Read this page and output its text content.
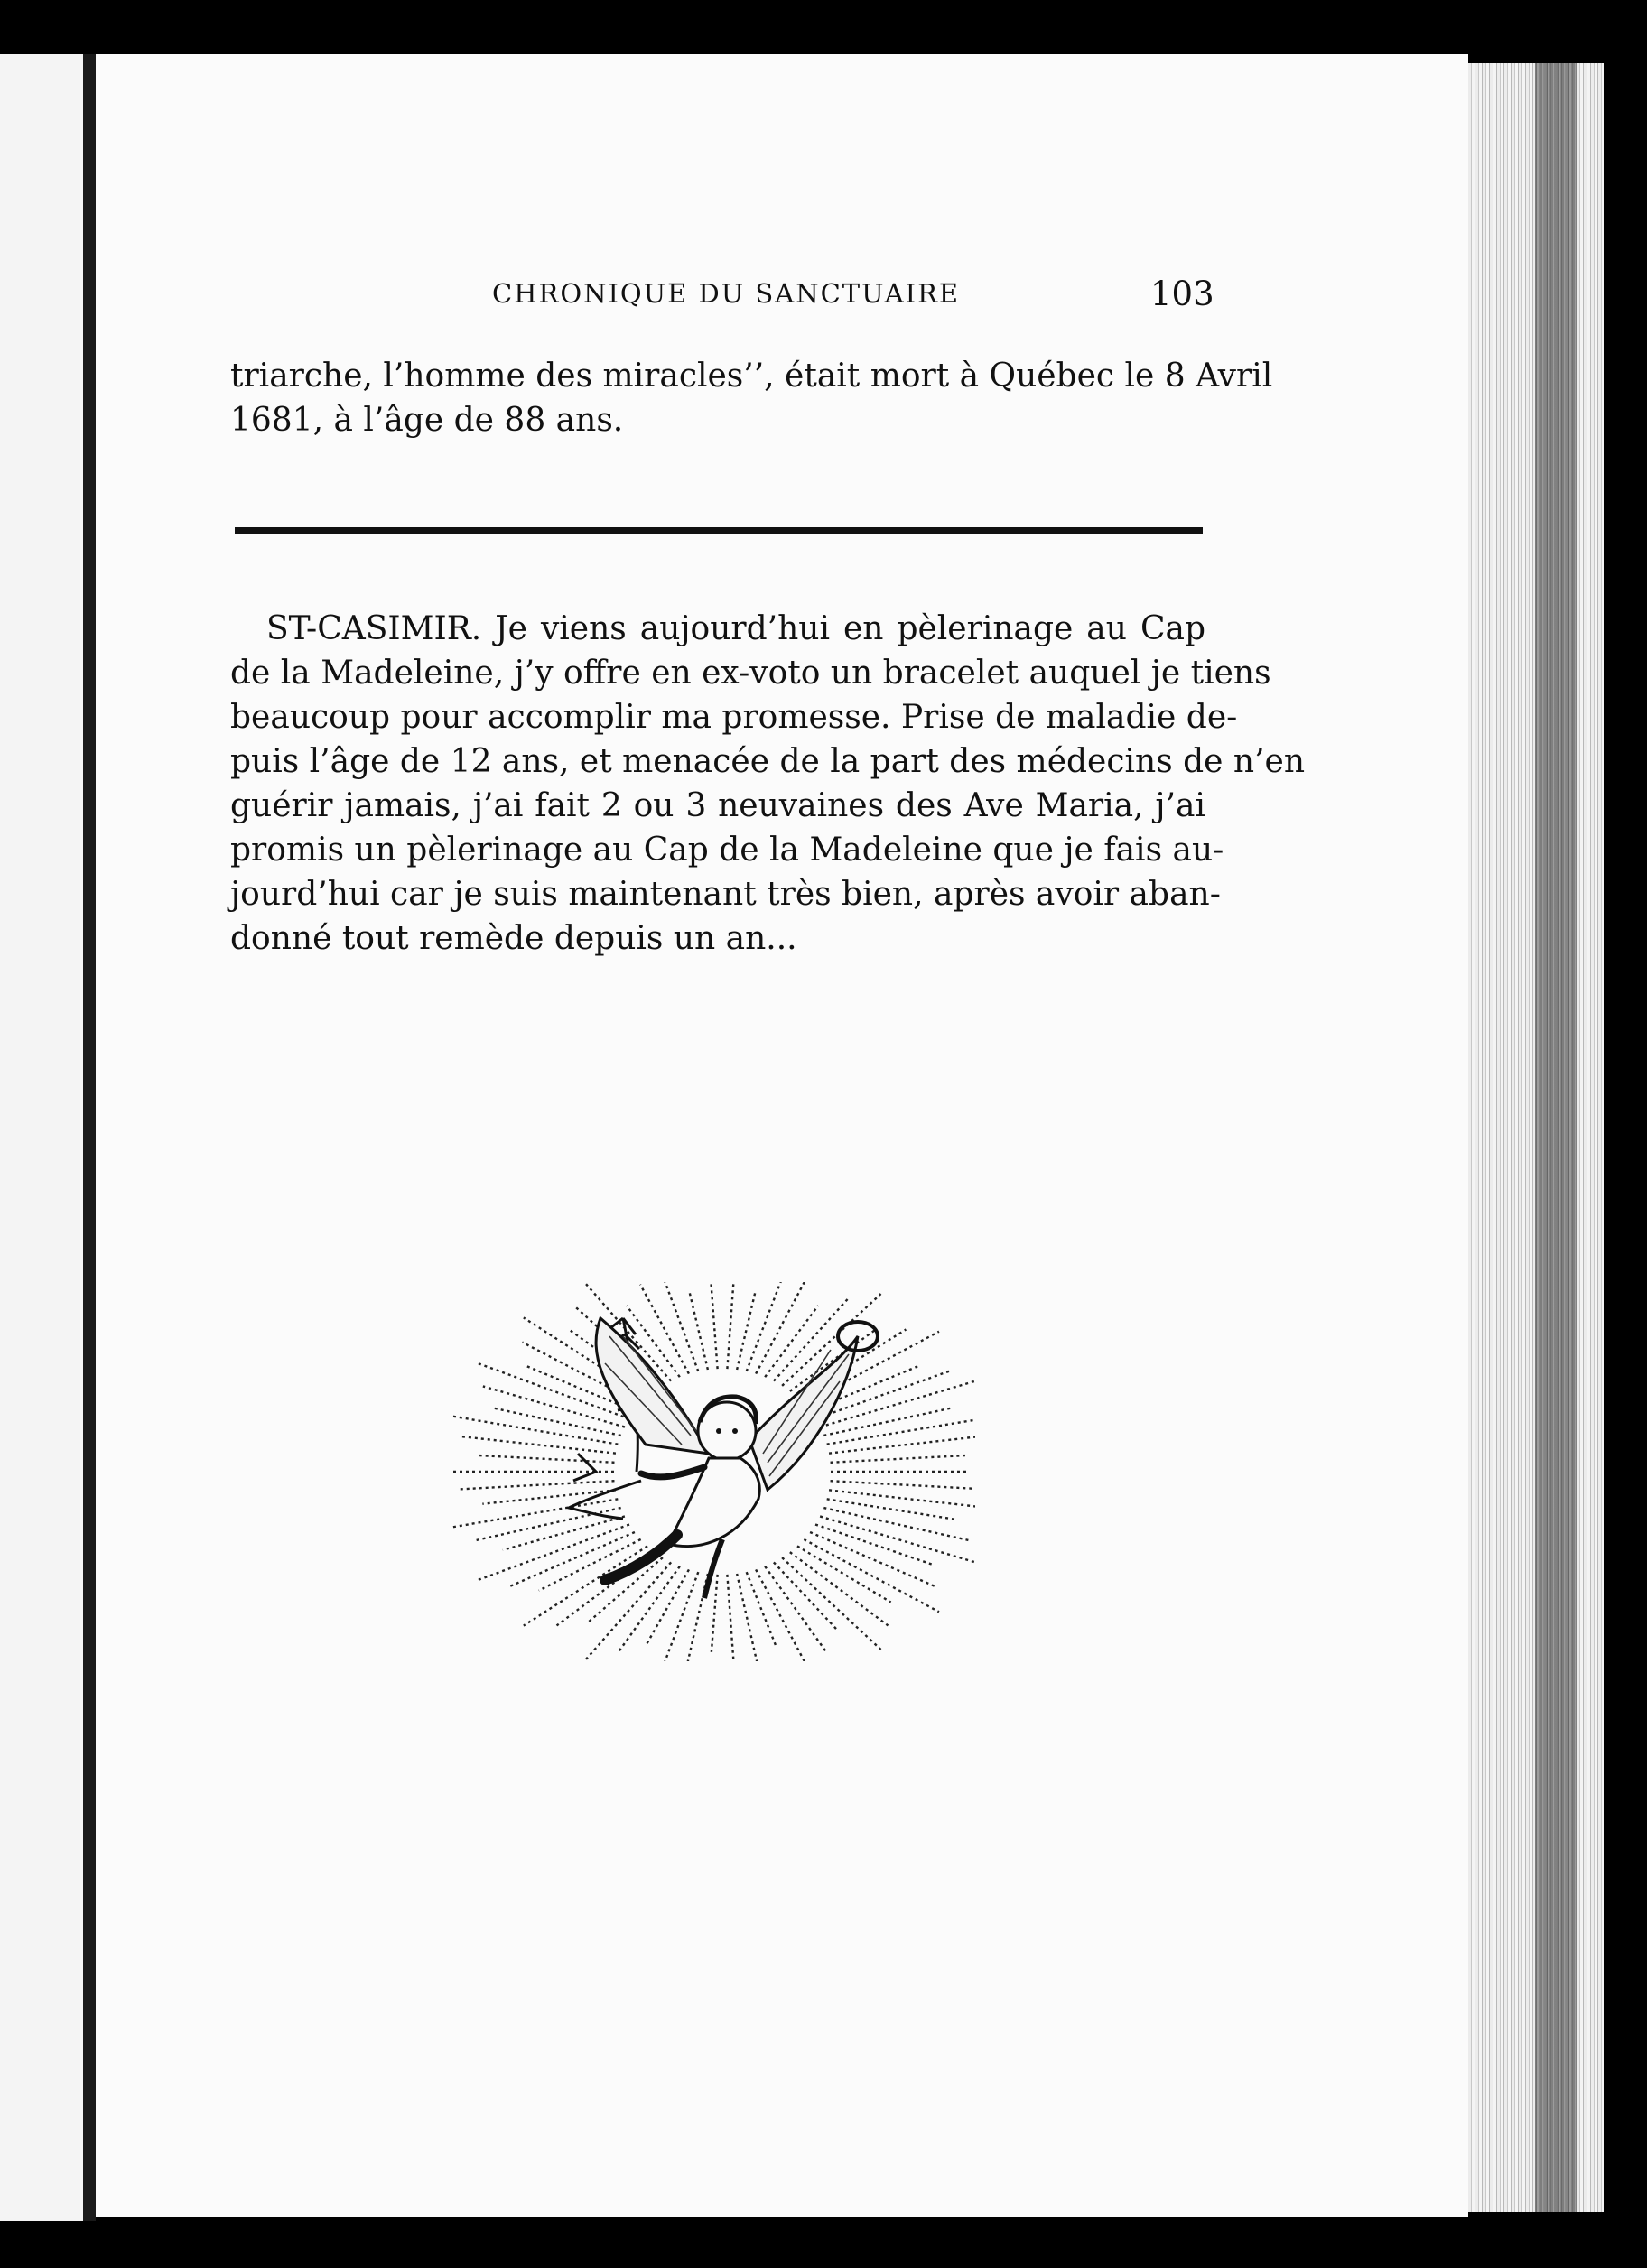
CHRONIQUE DU SANCTUAIRE	103
triarche, l’homme des miracles’’, était mort à Québec le 8 Avril
1681, à l’âge de 88 ans.
ST-CASIMIR. Je viens aujourd’hui en pèlerinage au Cap
de la Madeleine, j’y offre en ex-voto un bracelet auquel je tiens
beaucoup pour accomplir ma promesse. Prise de maladie de-
puis l’âge de 12 ans, et menacée de la part des médecins de n’en
guérir jamais, j’ai fait 2 ou 3 neuvaines des Ave Maria, j’ai
promis un pèlerinage au Cap de la Madeleine que je fais au-
jourd’hui car je suis maintenant très bien, après avoir aban-
donné tout remède depuis un an...
